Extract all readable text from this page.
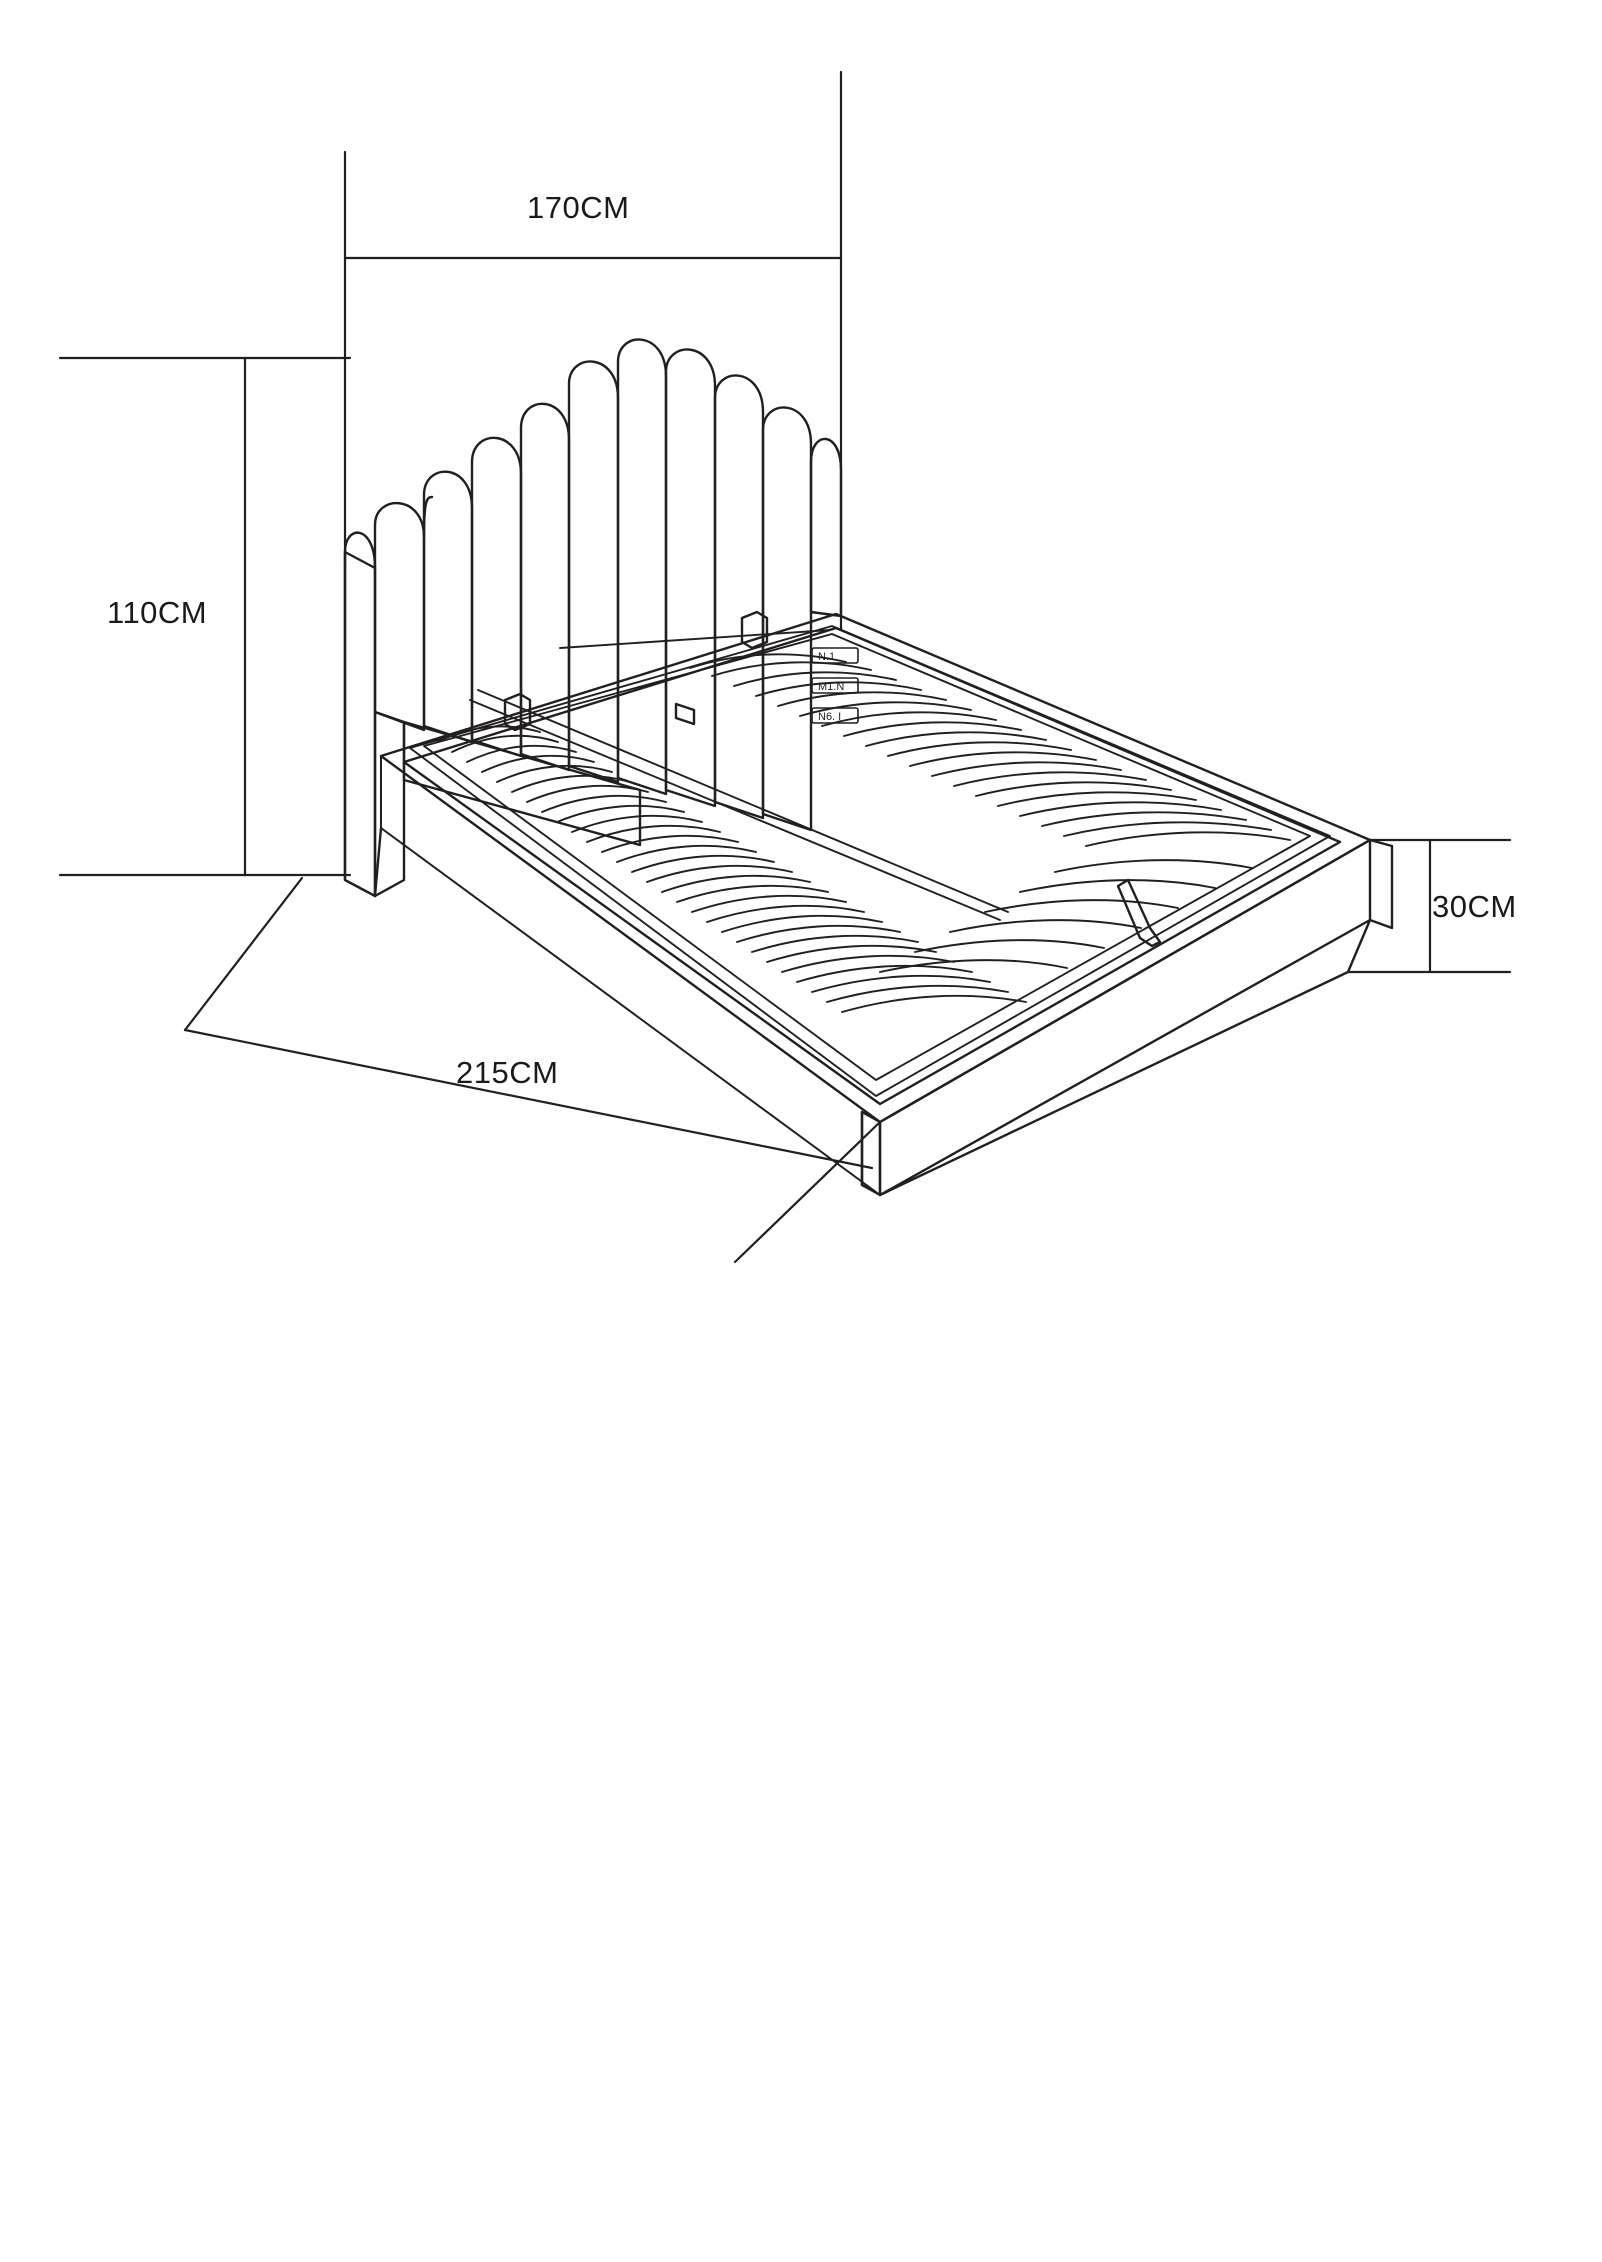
N.1
M1.N
N6. I
170CM
110CM
215CM
30CM
